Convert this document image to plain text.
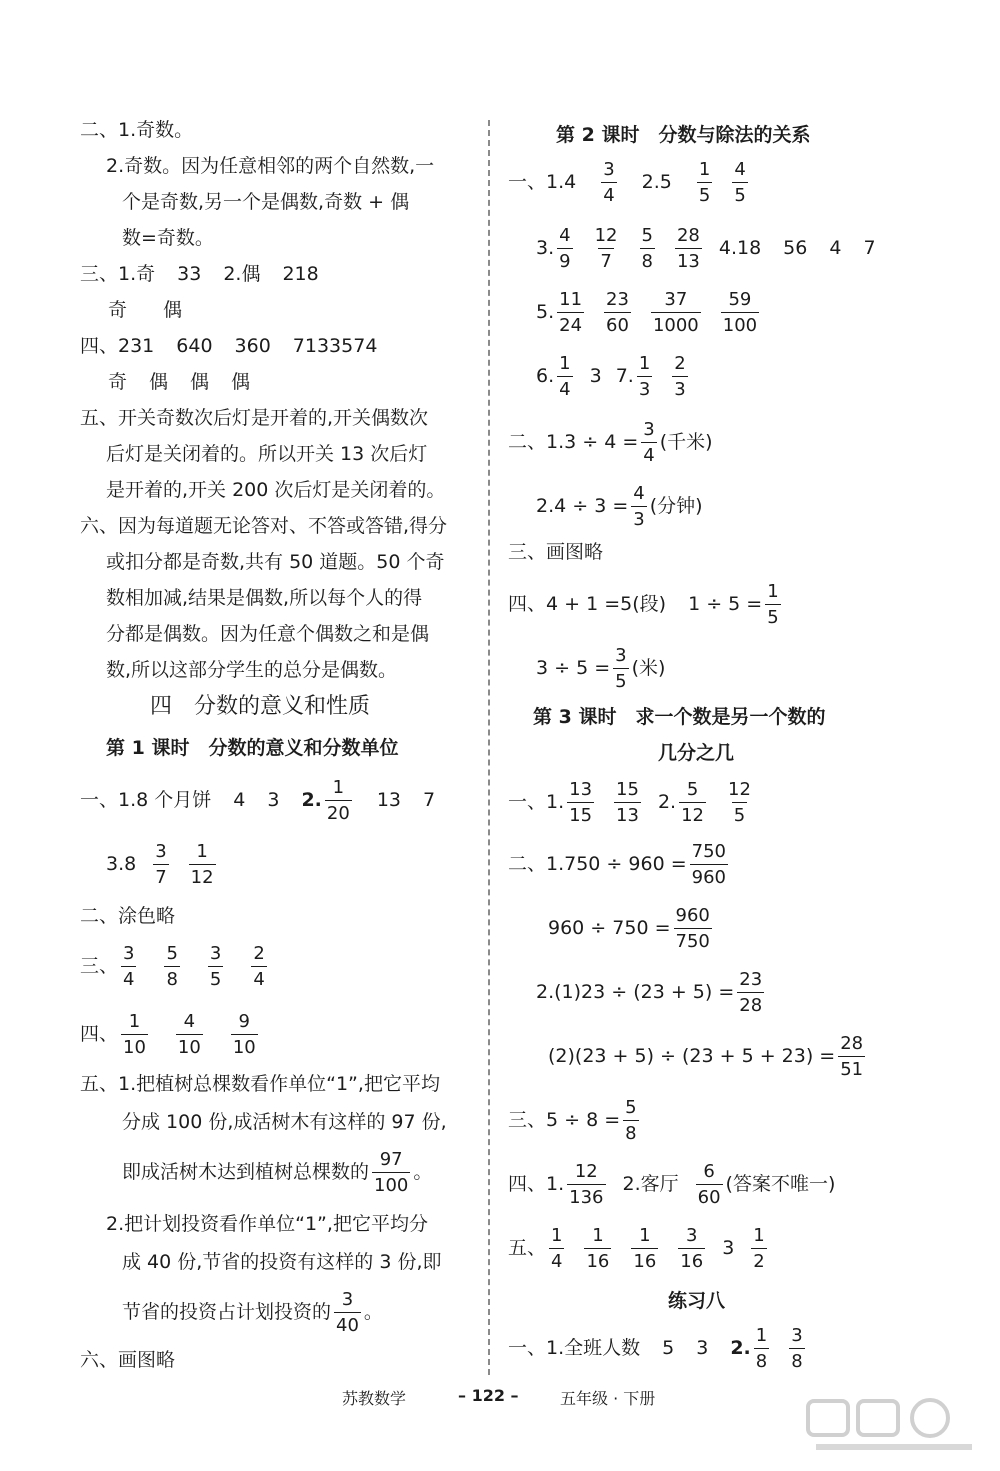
二、1.奇数。
2.奇数。因为任意相邻的两个自然数,一
个是奇数,另一个是偶数,奇数 + 偶
数=奇数。
三、1.奇 33 2.偶 218
奇 偶
四、231 640 360 7133574
奇 偶 偶 偶
五、开关奇数次后灯是开着的,开关偶数次
后灯是关闭着的。所以开关 13 次后灯
是开着的,开关 200 次后灯是关闭着的。
六、因为每道题无论答对、不答或答错,得分
或扣分都是奇数,共有 50 道题。50 个奇
数相加减,结果是偶数,所以每个人的得
分都是偶数。因为任意个偶数之和是偶
数,所以这部分学生的总分是偶数。
四　分数的意义和性质
第 1 课时　分数的意义和分数单位
一、1.8 个月饼 4 3 2. $\frac{1}{20} 13$ 7
$3.8 \frac{3}{7} \frac{1}{12}$
二、涂色略
三、 $\frac{3}{4} \frac{5}{8} \frac{3}{5} \frac{2}{4}$
四、 $\frac{1}{10} \frac{4}{10} \frac{9}{10}$
五、1.把植树总棵数看作单位“1”,把它平均
分成 100 份,成活树木有这样的 97 份,
即成活树木达到植树总棵数的 $\frac{97}{100}$ 。
2.把计划投资看作单位“1”,把它平均分
成 40 份,节省的投资有这样的 3 份,即
节省的投资占计划投资的 $\frac{3}{40}$ 。
六、画图略
第 2 课时　分数与除法的关系
一、$1.4 \frac{3}{4} 2.5 \frac{1}{5} \frac{4}{5}$
3. $\frac{4}{9} \frac{12}{7} \frac{5}{8} \frac{28}{13} 4.18$ 56 4 7
5. $\frac{11}{24} \frac{23}{60} \frac{37}{1000} \frac{59}{100}$
6. $\frac{1}{4} 3$ 7. $\frac{1}{3} \frac{2}{3}$
二、$1.3 \div 4 = \frac{3}{4}$ (千米)
$2.4 \div 3 = \frac{4}{3}$ (分钟)
三、画图略
四、4 + 1 =5(段) $1 \div 5 = \frac{1}{5}$
$3 \div 5 = \frac{3}{5}$ (米)
第 3 课时　求一个数是另一个数的
几分之几
一、1. $\frac{13}{15} \frac{15}{13} 2$. $\frac{5}{12} \frac{12}{5}$
二、$1.750 \div 960 = \frac{750}{960}$
$960 \div 750 = \frac{960}{750}$
$2.(1)23 \div (23 + 5) = \frac{23}{28}$
$(2)(23 + 5) \div (23 + 5 + 23) = \frac{28}{51}$
三、$5 \div 8 = \frac{5}{8}$
四、1. $\frac{12}{136} 2$.客厅 $\frac{6}{60}$ (答案不唯一)
五、 $\frac{1}{4} \frac{1}{16} \frac{1}{16} \frac{3}{16} 3 \frac{1}{2}$
练习八
一、1.全班人数 5 3 2. $\frac{1}{8} \frac{3}{8}$
苏教数学	– 122 –	五年级 · 下册
